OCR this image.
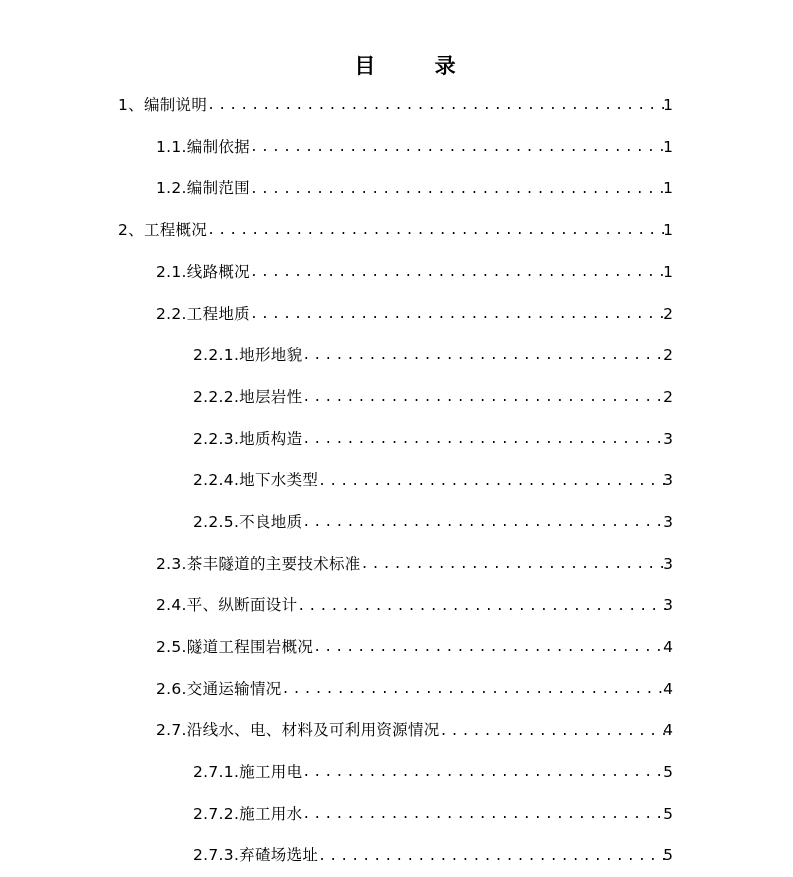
目 录
1、编制说明 .....	1
1.1.编制依据 .....	1
1.2.编制范围 .....	1
2、工程概况 .....	1
2.1.线路概况 .....	1
2.2.工程地质 .....	2
2.2.1.地形地貌 .....	2
2.2.2.地层岩性 .....	2
2.2.3.地质构造 .....	3
2.2.4.地下水类型 .....	3
2.2.5.不良地质 .....	3
2.3.茶丰隧道的主要技术标准 .....	3
2.4.平、纵断面设计 .....	3
2.5.隧道工程围岩概况 .....	4
2.6.交通运输情况 .....	4
2.7.沿线水、电、材料及可利用资源情况 .....	4
2.7.1.施工用电 .....	5
2.7.2.施工用水 .....	5
2.7.3.弃碴场选址 .....	5
